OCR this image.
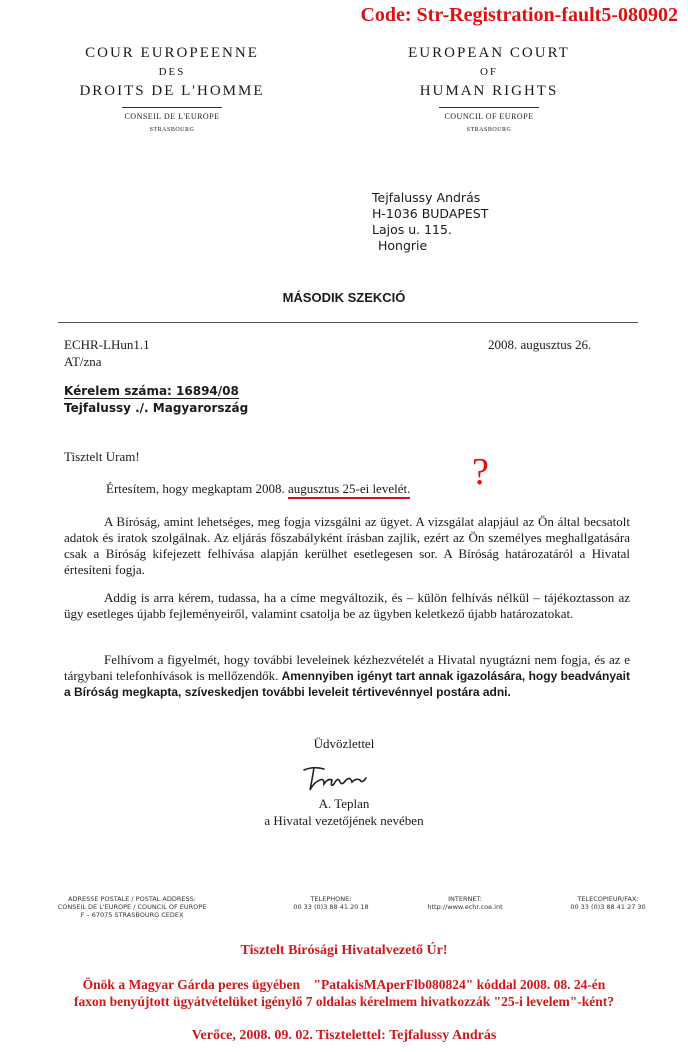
Code: Str-Registration-fault5-080902
COUR EUROPEENNE
DES
DROITS DE L'HOMME
CONSEIL DE L'EUROPE
STRASBOURG
EUROPEAN COURT
OF
HUMAN RIGHTS
COUNCIL OF EUROPE
STRASBOURG
Tejfalussy András
H-1036 BUDAPEST
Lajos u. 115.
Hongrie
MÁSODIK SZEKCIÓ
ECHR-LHun1.1
AT/zna
2008. augusztus 26.
Kérelem száma: 16894/08
Tejfalussy ./. Magyarország
Tisztelt Uram!
Értesítem, hogy megkaptam 2008. augusztus 25-ei levelét. ?
A Bíróság, amint lehetséges, meg fogja vizsgálni az ügyet. A vizsgálat alapjául az Ön által becsatolt adatok és iratok szolgálnak. Az eljárás főszabályként írásban zajlik, ezért az Ön személyes meghallgatására csak a Bíróság kifejezett felhívása alapján kerülhet esetlegesen sor. A Bíróság határozatáról a Hivatal értesíteni fogja.
Addig is arra kérem, tudassa, ha a címe megváltozik, és – külön felhívás nélkül – tájékoztasson az ügy esetleges újabb fejleményeiről, valamint csatolja be az ügyben keletkező újabb határozatokat.
Felhívom a figyelmét, hogy további leveleinek kézhezvételét a Hivatal nyugtázni nem fogja, és az e tárgybani telefonhívások is mellőzendők. Amennyiben igényt tart annak igazolására, hogy beadványait a Bíróság megkapta, szíveskedjen további leveleit tértivevénnyel postára adni.
Üdvözlettel
A. Teplan
a Hivatal vezetőjének nevében
ADRESSE POSTALE / POSTAL ADDRESS:
CONSEIL DE L'EUROPE / COUNCIL OF EUROPE
F – 67075 STRASBOURG CEDEX
TELEPHONE:
00 33 (0)3 88 41 20 18
INTERNET:
http://www.echr.coe.int
TELECOPIEUR/FAX:
00 33 (0)3 88 41 27 30
Tisztelt Bírósági Hivatalvezető Úr!
Önök a Magyar Gárda peres ügyében    "PatakisMAperFlb080824" kóddal 2008. 08. 24-én
faxon benyújtott ügyátvételüket igénylő 7 oldalas kérelmem hivatkozzák "25-i levelem"-ként?
Verőce, 2008. 09. 02. Tisztelettel: Tejfalussy András
